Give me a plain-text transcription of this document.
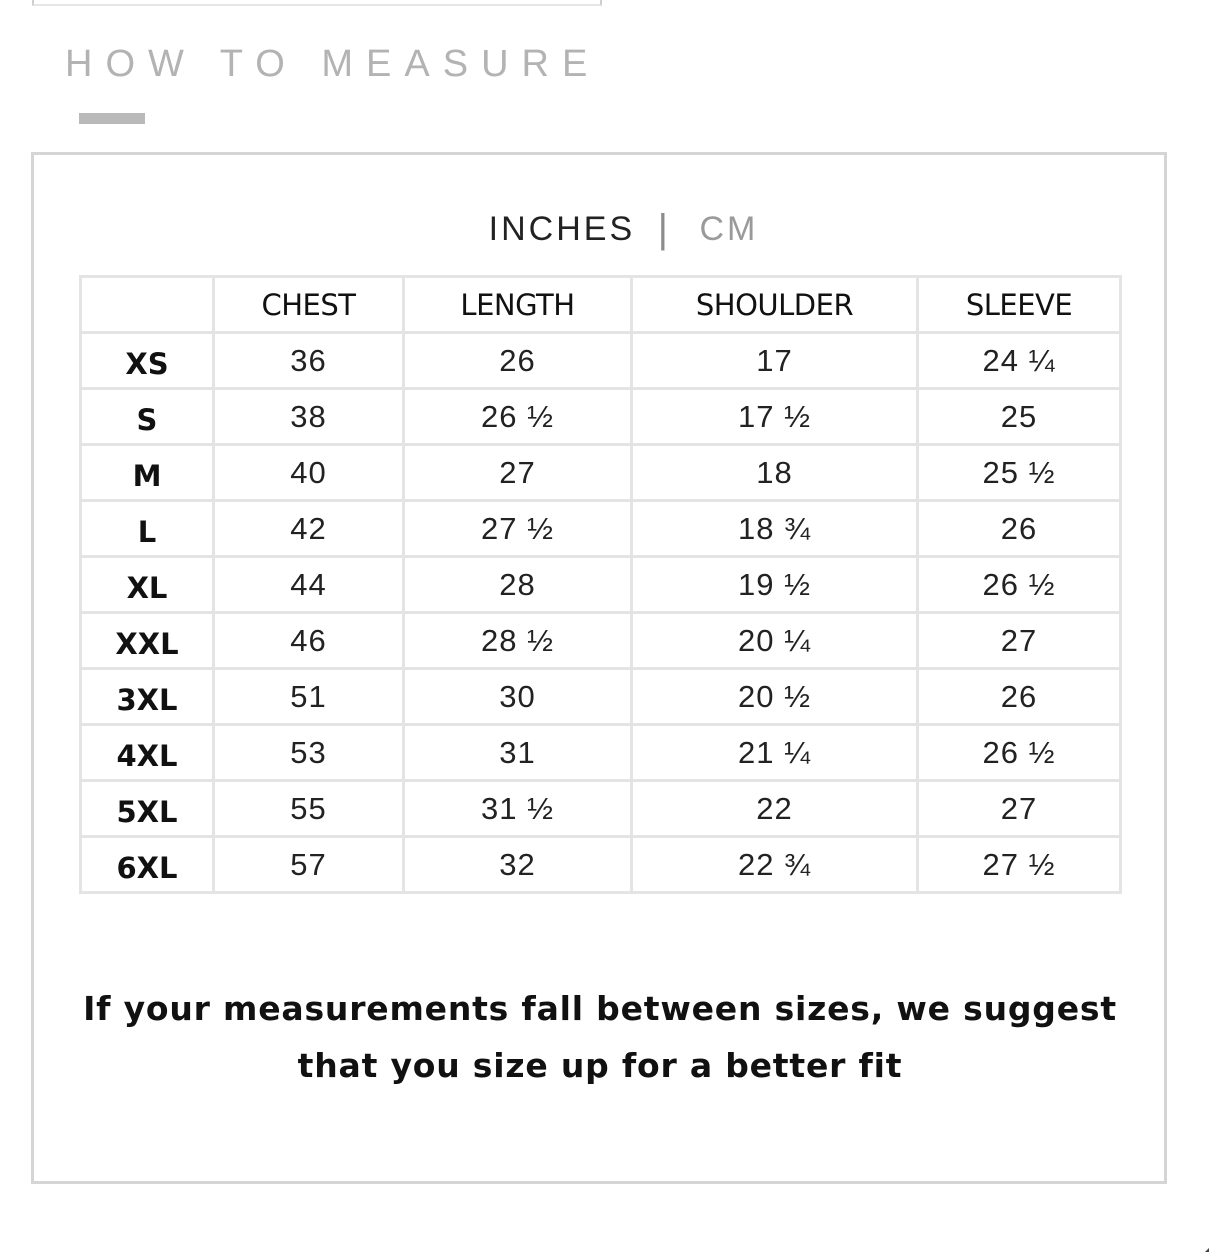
HOW TO MEASURE
INCHES | CM
	CHEST	LENGTH	SHOULDER	SLEEVE
XS	36	26	17	24 ¼
S	38	26 ½	17 ½	25
M	40	27	18	25 ½
L	42	27 ½	18 ¾	26
XL	44	28	19 ½	26 ½
XXL	46	28 ½	20 ¼	27
3XL	51	30	20 ½	26
4XL	53	31	21 ¼	26 ½
5XL	55	31 ½	22	27
6XL	57	32	22 ¾	27 ½

If your measurements fall between sizes, we suggest that you size up for a better fit
